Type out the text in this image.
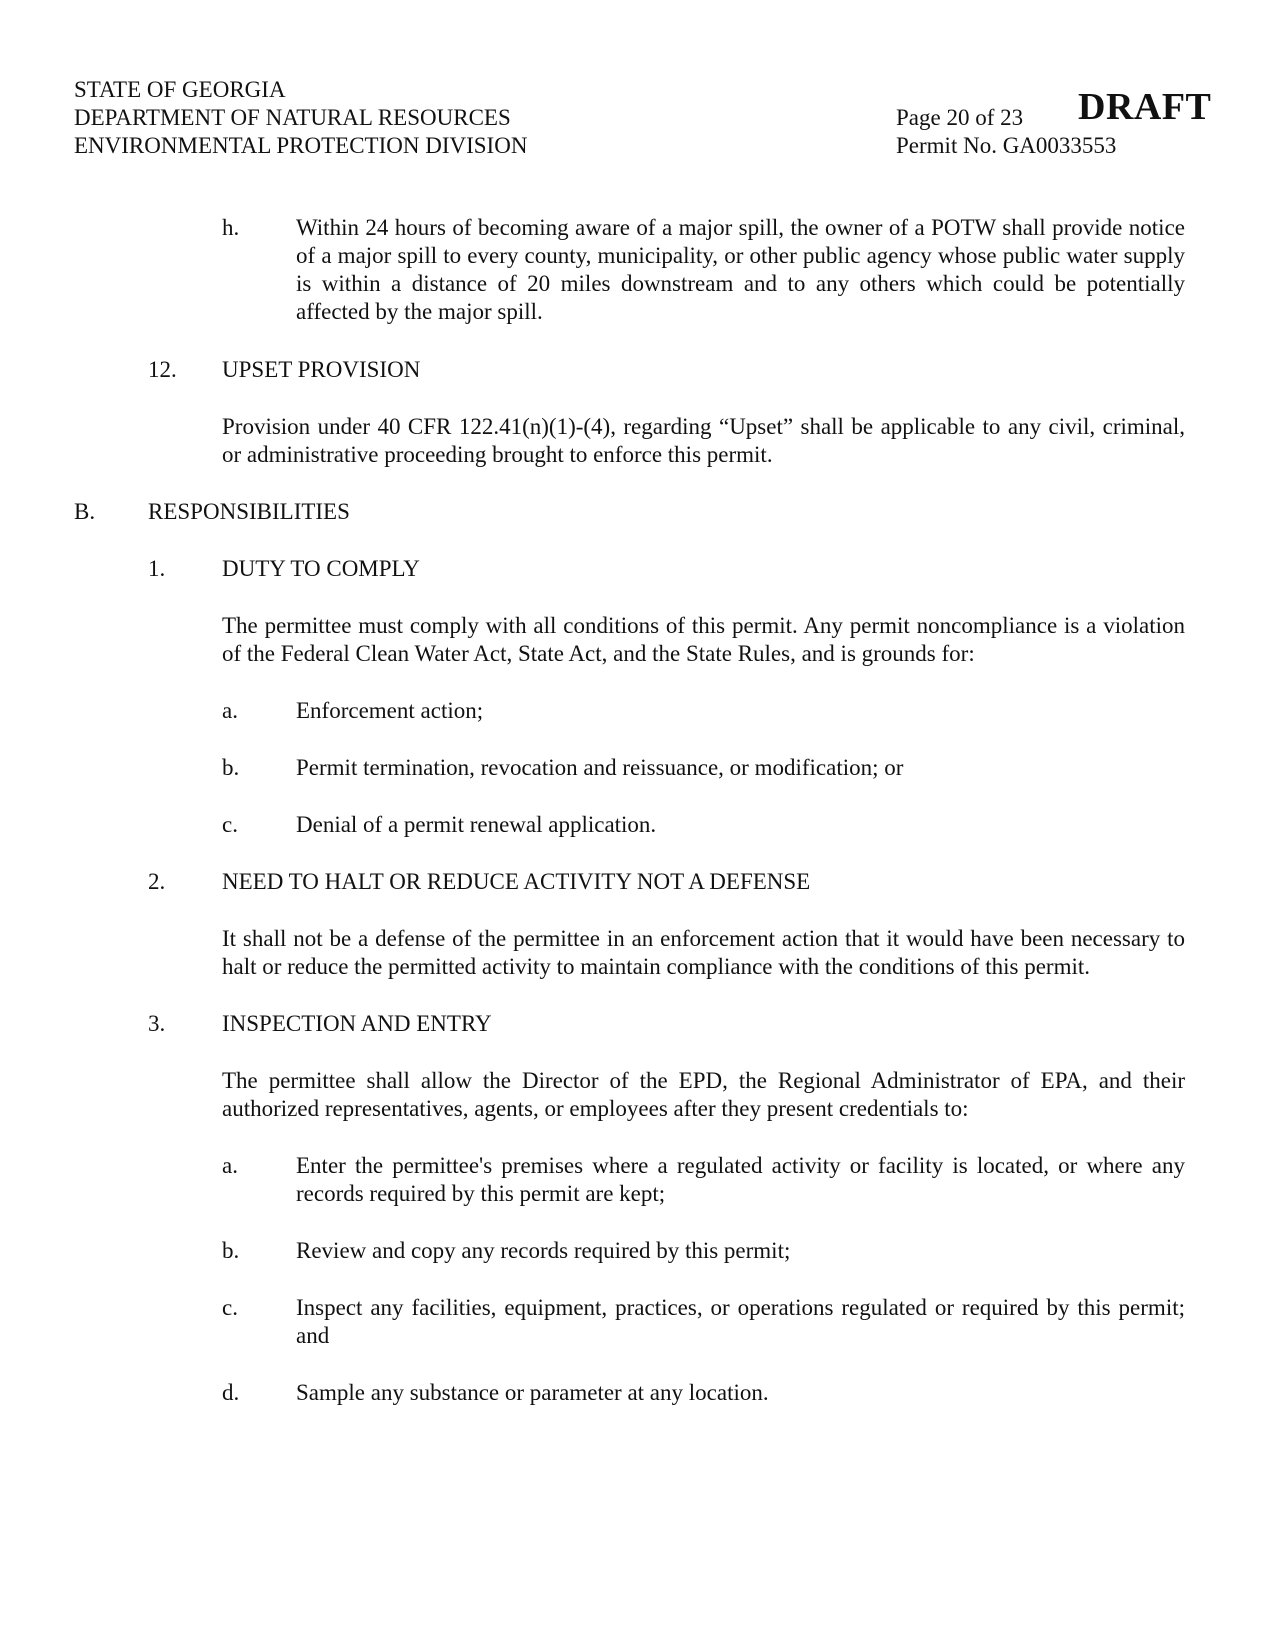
STATE OF GEORGIA
DEPARTMENT OF NATURAL RESOURCES
ENVIRONMENTAL PROTECTION DIVISION
Page 20 of 23
Permit No. GA0033553
DRAFT
h. Within 24 hours of becoming aware of a major spill, the owner of a POTW shall provide notice of a major spill to every county, municipality, or other public agency whose public water supply is within a distance of 20 miles downstream and to any others which could be potentially affected by the major spill.
12. UPSET PROVISION
Provision under 40 CFR 122.41(n)(1)-(4), regarding “Upset” shall be applicable to any civil, criminal, or administrative proceeding brought to enforce this permit.
B. RESPONSIBILITIES
1. DUTY TO COMPLY
The permittee must comply with all conditions of this permit. Any permit noncompliance is a violation of the Federal Clean Water Act, State Act, and the State Rules, and is grounds for:
a.	Enforcement action;
b. Permit termination, revocation and reissuance, or modification; or
c.	Denial of a permit renewal application.
2. NEED TO HALT OR REDUCE ACTIVITY NOT A DEFENSE
It shall not be a defense of the permittee in an enforcement action that it would have been necessary to halt or reduce the permitted activity to maintain compliance with the conditions of this permit.
3. INSPECTION AND ENTRY
The permittee shall allow the Director of the EPD, the Regional Administrator of EPA, and their authorized representatives, agents, or employees after they present credentials to:
a.	Enter the permittee's premises where a regulated activity or facility is located, or where any records required by this permit are kept;
b. Review and copy any records required by this permit;
c.	Inspect any facilities, equipment, practices, or operations regulated or required by this permit; and
d. Sample any substance or parameter at any location.
